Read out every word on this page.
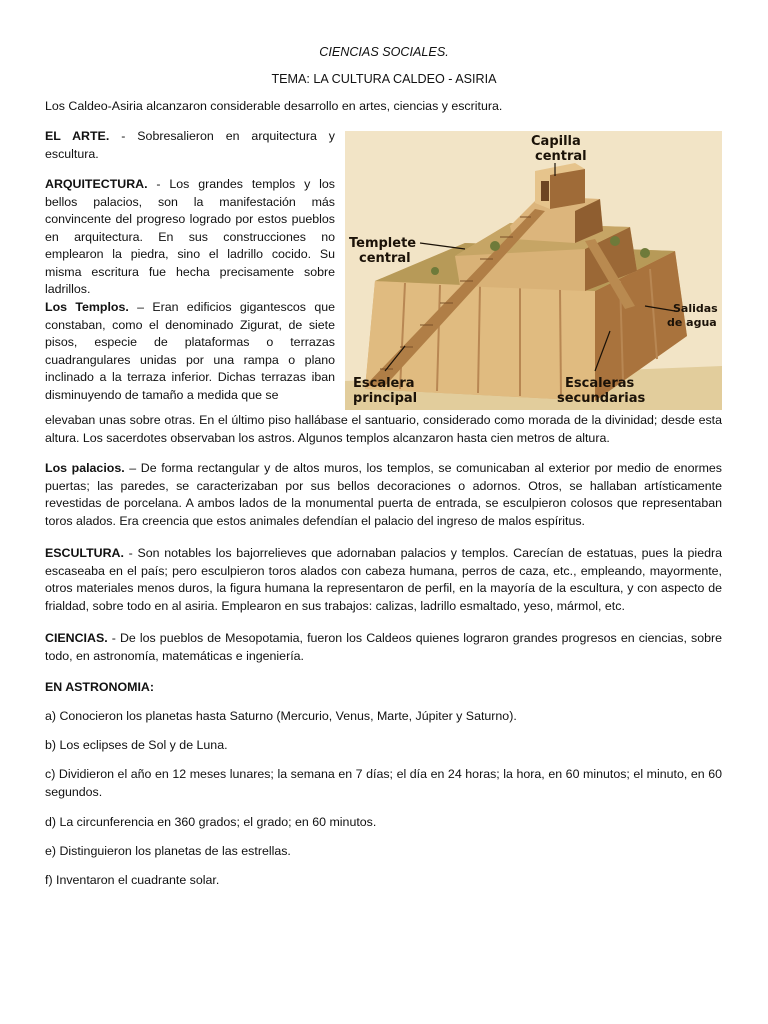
CIENCIAS SOCIALES.
TEMA: LA CULTURA CALDEO - ASIRIA

Los Caldeo-Asiria alcanzaron considerable desarrollo en artes, ciencias y escritura.

EL ARTE. - Sobresalieron en arquitectura y escultura.

ARQUITECTURA. - Los grandes templos y los bellos palacios, son la manifestación más convincente del progreso logrado por estos pueblos en arquitectura. En sus construcciones no emplearon la piedra, sino el ladrillo cocido. Su misma escritura fue hecha precisamente sobre ladrillos.

Los Templos. – Eran edificios gigantescos que constaban, como el denominado Zigurat, de siete pisos, especie de plataformas o terrazas cuadrangulares unidas por una rampa o plano inclinado a la terraza inferior. Dichas terrazas iban disminuyendo de tamaño a medida que se

elevaban unas sobre otras. En el último piso hallábase el santuario, considerado como morada de la divinidad; desde esta altura. Los sacerdotes observaban los astros. Algunos templos alcanzaron hasta cien metros de altura.

Los palacios. – De forma rectangular y de altos muros, los templos, se comunicaban al exterior por medio de enormes puertas; las paredes, se caracterizaban por sus bellos decoraciones o adornos. Otros, se hallaban artísticamente revestidas de porcelana. A ambos lados de la monumental puerta de entrada, se esculpieron colosos que representaban toros alados. Era creencia que estos animales defendían el palacio del ingreso de malos espíritus.

ESCULTURA. - Son notables los bajorrelieves que adornaban palacios y templos. Carecían de estatuas, pues la piedra escaseaba en el país; pero esculpieron toros alados con cabeza humana, perros de caza, etc., empleando, mayormente, otros materiales menos duros, la figura humana la representaron de perfil, en la mayoría de la escultura, y con aspecto de frialdad, sobre todo en al asiria. Emplearon en sus trabajos: calizas, ladrillo esmaltado, yeso, mármol, etc.

CIENCIAS. - De los pueblos de Mesopotamia, fueron los Caldeos quienes lograron grandes progresos en ciencias, sobre todo, en astronomía, matemáticas e ingeniería.

EN ASTRONOMIA:

a) Conocieron los planetas hasta Saturno (Mercurio, Venus, Marte, Júpiter y Saturno).

b) Los eclipses de Sol y de Luna.

c) Dividieron el año en 12 meses lunares; la semana en 7 días; el día en 24 horas; la hora, en 60 minutos; el minuto, en 60 segundos.

d) La circunferencia en 360 grados; el grado; en 60 minutos.

e) Distinguieron los planetas de las estrellas.

f) Inventaron el cuadrante solar.

Capilla
central
Templete
central
Salidas
de agua
Escalera
principal
Escaleras
secundarias
